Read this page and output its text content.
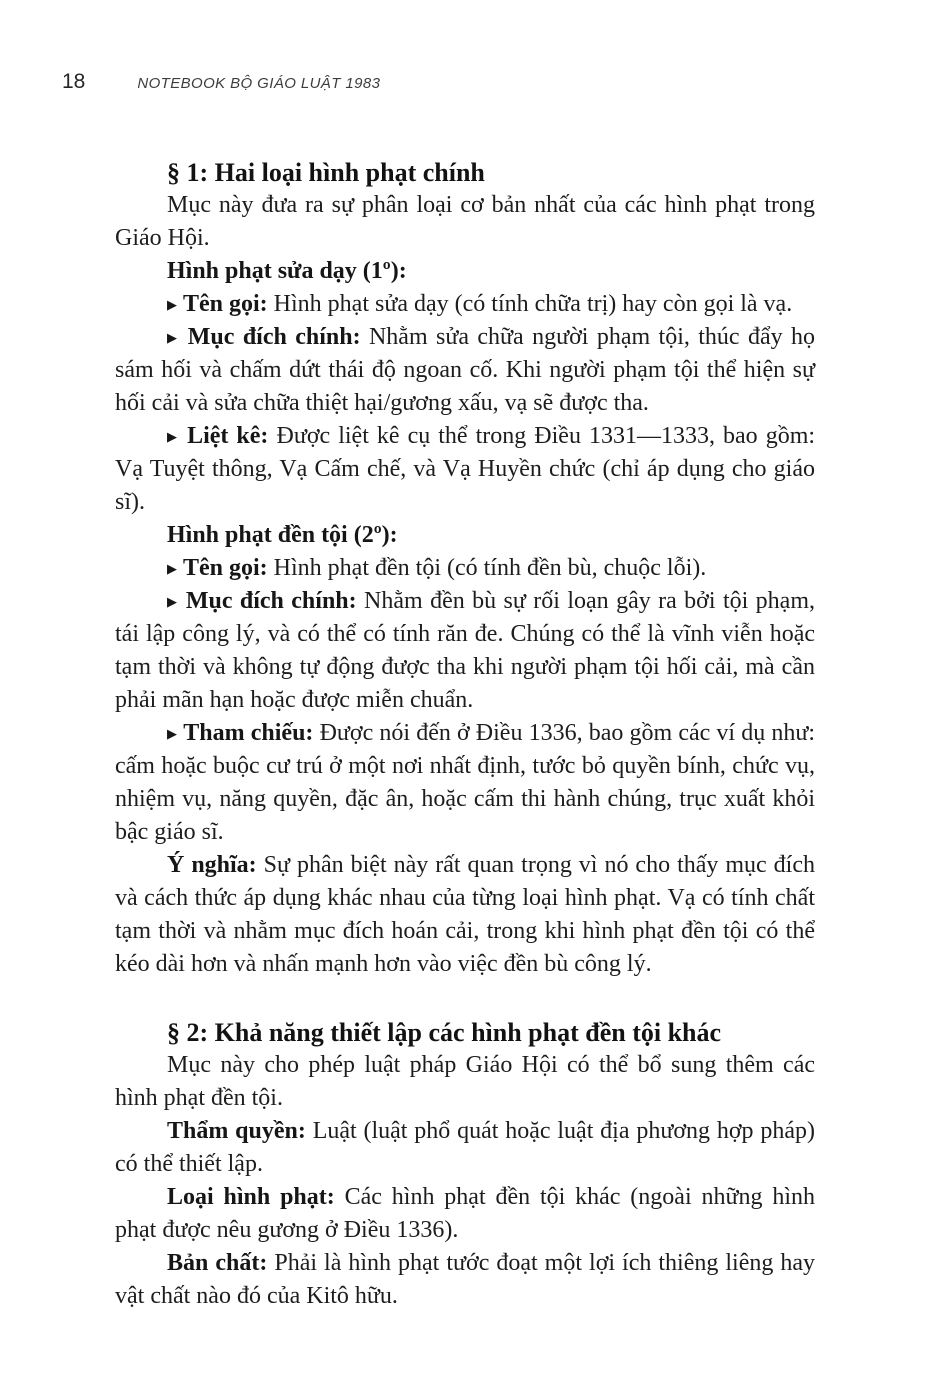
18	NOTEBOOK BỘ GIÁO LUẬT 1983
§ 1: Hai loại hình phạt chính

Mục này đưa ra sự phân loại cơ bản nhất của các hình phạt trong Giáo Hội.

Hình phạt sửa dạy (1º):

▶ Tên gọi: Hình phạt sửa dạy (có tính chữa trị) hay còn gọi là vạ.

▶ Mục đích chính: Nhằm sửa chữa người phạm tội, thúc đẩy họ sám hối và chấm dứt thái độ ngoan cố. Khi người phạm tội thể hiện sự hối cải và sửa chữa thiệt hại/gương xấu, vạ sẽ được tha.

▶ Liệt kê: Được liệt kê cụ thể trong Điều 1331—1333, bao gồm: Vạ Tuyệt thông, Vạ Cấm chế, và Vạ Huyền chức (chỉ áp dụng cho giáo sĩ).

Hình phạt đền tội (2º):

▶ Tên gọi: Hình phạt đền tội (có tính đền bù, chuộc lỗi).

▶ Mục đích chính: Nhằm đền bù sự rối loạn gây ra bởi tội phạm, tái lập công lý, và có thể có tính răn đe. Chúng có thể là vĩnh viễn hoặc tạm thời và không tự động được tha khi người phạm tội hối cải, mà cần phải mãn hạn hoặc được miễn chuẩn.

▶ Tham chiếu: Được nói đến ở Điều 1336, bao gồm các ví dụ như: cấm hoặc buộc cư trú ở một nơi nhất định, tước bỏ quyền bính, chức vụ, nhiệm vụ, năng quyền, đặc ân, hoặc cấm thi hành chúng, trục xuất khỏi bậc giáo sĩ.

Ý nghĩa: Sự phân biệt này rất quan trọng vì nó cho thấy mục đích và cách thức áp dụng khác nhau của từng loại hình phạt. Vạ có tính chất tạm thời và nhằm mục đích hoán cải, trong khi hình phạt đền tội có thể kéo dài hơn và nhấn mạnh hơn vào việc đền bù công lý.

§ 2: Khả năng thiết lập các hình phạt đền tội khác

Mục này cho phép luật pháp Giáo Hội có thể bổ sung thêm các hình phạt đền tội.

Thẩm quyền: Luật (luật phổ quát hoặc luật địa phương hợp pháp) có thể thiết lập.

Loại hình phạt: Các hình phạt đền tội khác (ngoài những hình phạt được nêu gương ở Điều 1336).

Bản chất: Phải là hình phạt tước đoạt một lợi ích thiêng liêng hay vật chất nào đó của Kitô hữu.
